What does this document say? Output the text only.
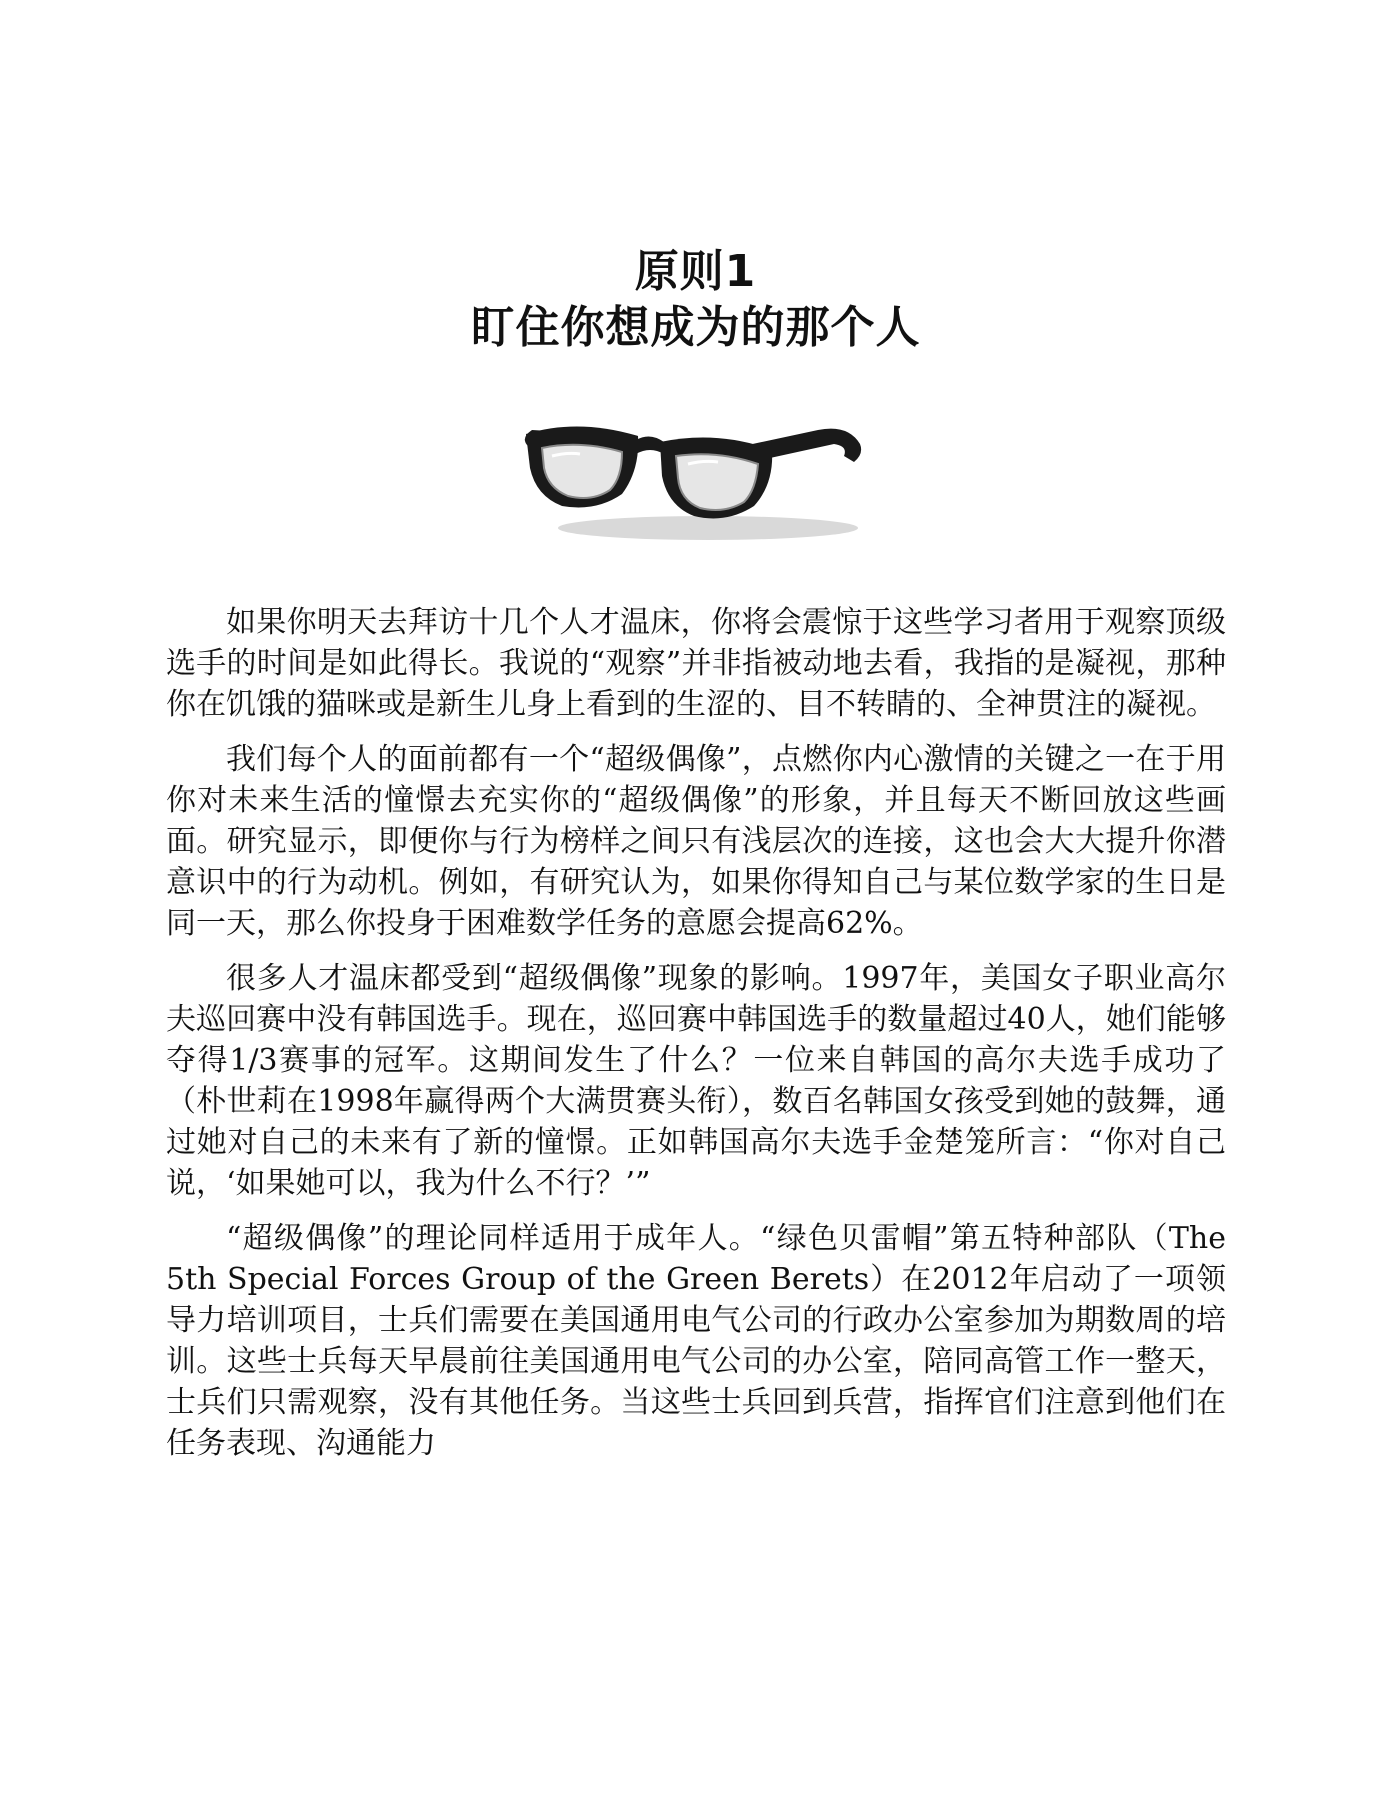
原则1
盯住你想成为的那个人

如果你明天去拜访十几个人才温床，你将会震惊于这些学习者用于观察顶级选手的时间是如此得长。我说的“观察”并非指被动地去看，我指的是凝视，那种你在饥饿的猫咪或是新生儿身上看到的生涩的、目不转睛的、全神贯注的凝视。

我们每个人的面前都有一个“超级偶像”，点燃你内心激情的关键之一在于用你对未来生活的憧憬去充实你的“超级偶像”的形象，并且每天不断回放这些画面。研究显示，即便你与行为榜样之间只有浅层次的连接，这也会大大提升你潜意识中的行为动机。例如，有研究认为，如果你得知自己与某位数学家的生日是同一天，那么你投身于困难数学任务的意愿会提高62%。

很多人才温床都受到“超级偶像”现象的影响。1997年，美国女子职业高尔夫巡回赛中没有韩国选手。现在，巡回赛中韩国选手的数量超过40人，她们能够夺得1/3赛事的冠军。这期间发生了什么？一位来自韩国的高尔夫选手成功了（朴世莉在1998年赢得两个大满贯赛头衔），数百名韩国女孩受到她的鼓舞，通过她对自己的未来有了新的憧憬。正如韩国高尔夫选手金楚笼所言：“你对自己说，‘如果她可以，我为什么不行？’”

“超级偶像”的理论同样适用于成年人。“绿色贝雷帽”第五特种部队（The 5th Special Forces Group of the Green Berets）在2012年启动了一项领导力培训项目，士兵们需要在美国通用电气公司的行政办公室参加为期数周的培训。这些士兵每天早晨前往美国通用电气公司的办公室，陪同高管工作一整天，士兵们只需观察，没有其他任务。当这些士兵回到兵营，指挥官们注意到他们在任务表现、沟通能力
